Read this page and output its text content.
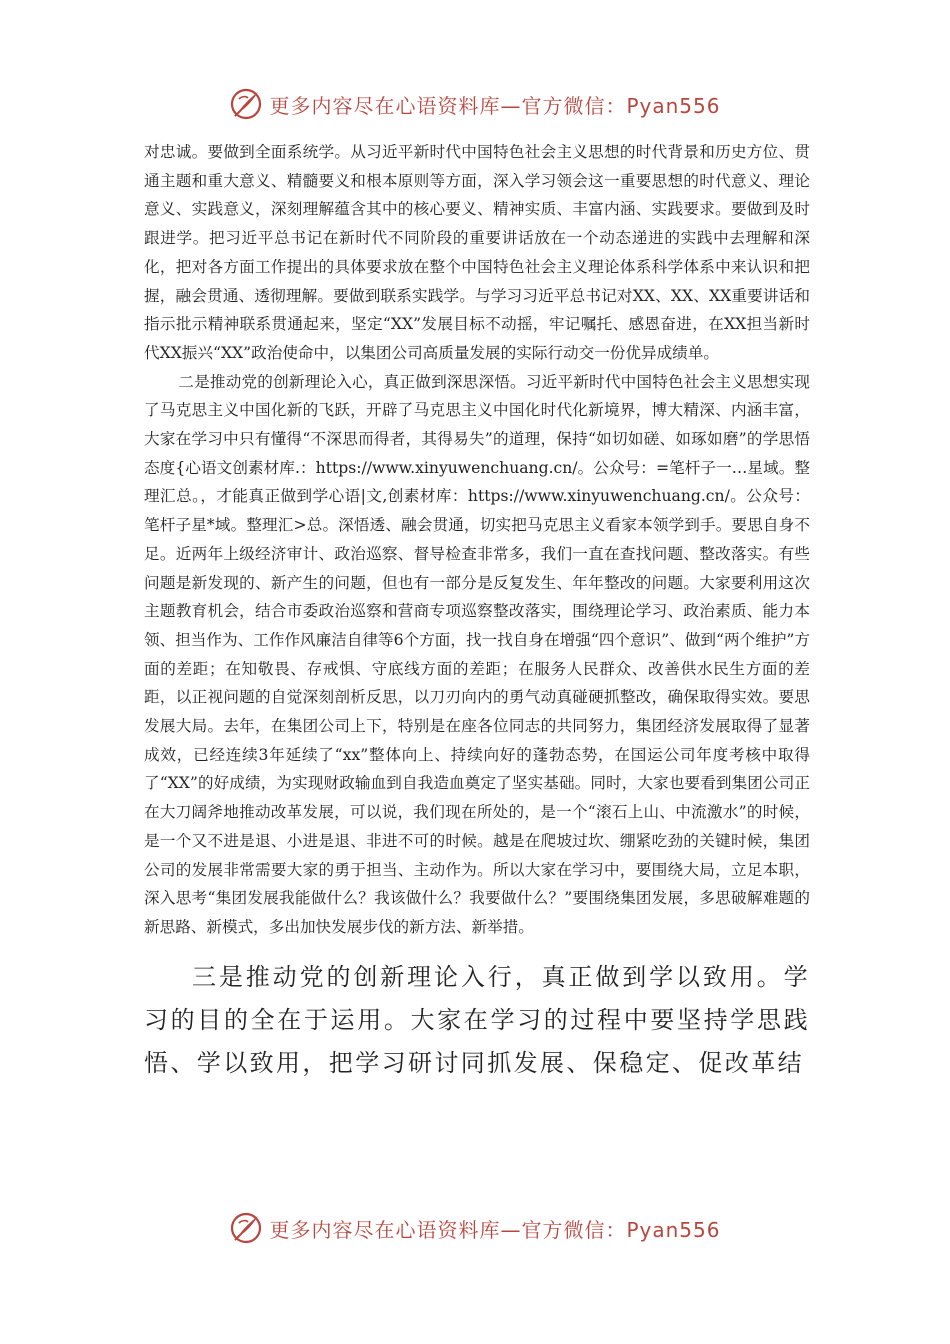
更多内容尽在心语资料库—官方微信：Pyan556

对忠诚。要做到全面系统学。从习近平新时代中国特色社会主义思想的时代背景和历史方位、贯通主题和重大意义、精髓要义和根本原则等方面，深入学习领会这一重要思想的时代意义、理论意义、实践意义，深刻理解蕴含其中的核心要义、精神实质、丰富内涵、实践要求。要做到及时跟进学。把习近平总书记在新时代不同阶段的重要讲话放在一个动态递进的实践中去理解和深化，把对各方面工作提出的具体要求放在整个中国特色社会主义理论体系科学体系中来认识和把握，融会贯通、透彻理解。要做到联系实践学。与学习习近平总书记对XX、XX、XX重要讲话和指示批示精神联系贯通起来，坚定“XX”发展目标不动摇，牢记嘱托、感恩奋进，在XX担当新时代XX振兴“XX”政治使命中，以集团公司高质量发展的实际行动交一份优异成绩单。

二是推动党的创新理论入心，真正做到深思深悟。习近平新时代中国特色社会主义思想实现了马克思主义中国化新的飞跃，开辟了马克思主义中国化时代化新境界，博大精深、内涵丰富，大家在学习中只有懂得“不深思而得者，其得易失”的道理，保持“如切如磋、如琢如磨”的学思悟态度{心语文创素材库.：https://www.xinyuwenchuang.cn/。公众号：=笔杆子一…星域。整理汇总。，才能真正做到学心语|文,创素材库：https://www.xinyuwenchuang.cn/。公众号：笔杆子星*域。整理汇>总。深悟透、融会贯通，切实把马克思主义看家本领学到手。要思自身不足。近两年上级经济审计、政治巡察、督导检查非常多，我们一直在查找问题、整改落实。有些问题是新发现的、新产生的问题，但也有一部分是反复发生、年年整改的问题。大家要利用这次主题教育机会，结合市委政治巡察和营商专项巡察整改落实，围绕理论学习、政治素质、能力本领、担当作为、工作作风廉洁自律等6个方面，找一找自身在增强“四个意识”、做到“两个维护”方面的差距；在知敬畏、存戒惧、守底线方面的差距；在服务人民群众、改善供水民生方面的差距，以正视问题的自觉深刻剖析反思，以刀刃向内的勇气动真碰硬抓整改，确保取得实效。要思发展大局。去年，在集团公司上下，特别是在座各位同志的共同努力，集团经济发展取得了显著成效，已经连续3年延续了“xx”整体向上、持续向好的蓬勃态势，在国运公司年度考核中取得了“XX”的好成绩，为实现财政输血到自我造血奠定了坚实基础。同时，大家也要看到集团公司正在大刀阔斧地推动改革发展，可以说，我们现在所处的，是一个“滚石上山、中流激水”的时候，是一个又不进是退、小进是退、非进不可的时候。越是在爬坡过坎、绷紧吃劲的关键时候，集团公司的发展非常需要大家的勇于担当、主动作为。所以大家在学习中，要围绕大局，立足本职，深入思考“集团发展我能做什么？我该做什么？我要做什么？”要围绕集团发展，多思破解难题的新思路、新模式，多出加快发展步伐的新方法、新举措。

三是推动党的创新理论入行，真正做到学以致用。学习的目的全在于运用。大家在学习的过程中要坚持学思践悟、学以致用，把学习研讨同抓发展、保稳定、促改革结

更多内容尽在心语资料库—官方微信：Pyan556
